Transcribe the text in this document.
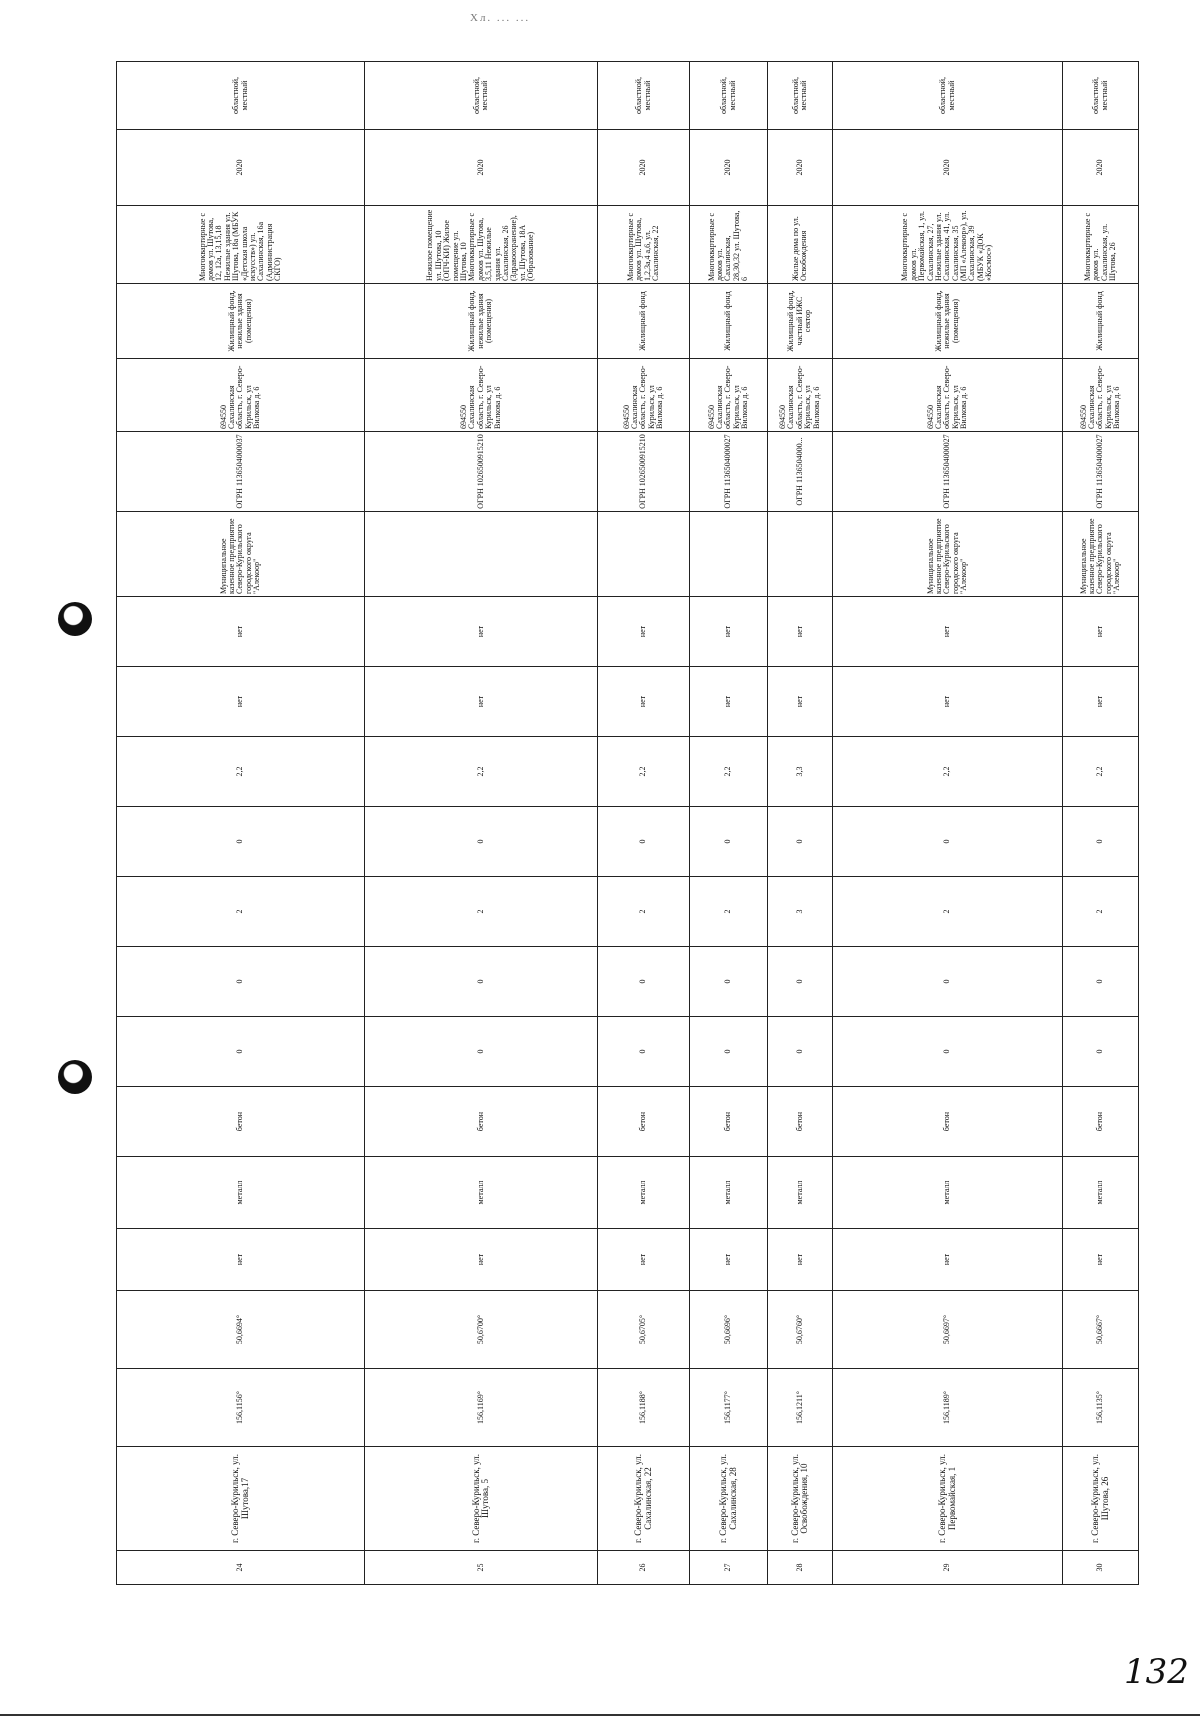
Хл. ... ...
24	г. Северо-Курильск, ул. Шутова,17	156,1156°	50,6694°	нет	металл	бетон	0	0	2	0	2,2	нет	нет	Муниципальное казенное предприятие Северо-Курильского городского округа "Алекоор"	ОГРН 1136504000037	694550 Сахалинская область, г. Северо-Курильск, ул Вилкова д. 6	Жилищный фонд, нежилые здания (помещения)	Многоквартирные с домов ул. Шутова, 12, 12а, 13,15,18 Нежилые здания ул. Шутова, 18а (МБУК «Детская школа искусств») ул. Сахалинская, 16а (Администрация СКГО)	2020	областной, местный
25	г. Северо-Курильск, ул. Шутова, 5	156,1169°	50,6700°	нет	металл	бетон	0	0	2	0	2,2	нет	нет		ОГРН 1026500915210	694550 Сахалинская область, г. Северо-Курильск, ул Вилкова д. 6	Жилищный фонд, нежилые здания (помещения)	Нежилое помещение ул. Шутова, 10 (ОПЧ-КИ) Жилое помещение ул. Шутова, 10 Многоквартирные с домов ул. Шутова, 3,5,11 Нежилые здания ул. Сахалинская, 26 (Здравоохранение), ул. Шутова, 18А (Образование)	2020	областной, местный
26	г. Северо-Курильск, ул. Сахалинская, 22	156,1188°	50,6705°	нет	металл	бетон	0	0	2	0	2,2	нет	нет		ОГРН 1026500915210	694550 Сахалинская область, г. Северо-Курильск, ул Вилкова д. 6	Жилищный фонд	Многоквартирные с домов ул. Шутова, 1,2,3а,4 а,6, ул. Сахалинская, 22	2020	областной, местный
27	г. Северо-Курильск, ул. Сахалинская, 28	156,1177°	50,6696°	нет	металл	бетон	0	0	2	0	2,2	нет	нет		ОГРН 1136504000027	694550 Сахалинская область, г. Северо-Курильск, ул Вилкова д. 6	Жилищный фонд	Многоквартирные с домов ул. Сахалинская, 28,30,32 ул. Шутова, 6	2020	областной, местный
28	г. Северо-Курильск, ул. Освобождения, 10	156,1211°	50,6760°	нет	металл	бетон	0	0	3	0	3,3	нет	нет		ОГРН 1136504000...	694550 Сахалинская область, г. Северо-Курильск, ул Вилкова д. 6	Жилищный фонд, частный ИЖС сектор	Жилые дома по ул. Освобождения	2020	областной, местный
29	г. Северо-Курильск, ул. Первомайская, 1	156,1189°	50,6697°	нет	металл	бетон	0	0	2	0	2,2	нет	нет	Муниципальное казенное предприятие Северо-Курильского городского округа "Алекоор"	ОГРН 1136504000027	694550 Сахалинская область, г. Северо-Курильск, ул Вилкова д. 6	Жилищный фонд, нежилые здания (помещения)	Многоквартирные с домов ул. Первомайская, 1, ул. Сахалинская, 27, Нежилые здания ул. Сахалинская, 41, ул. Сахалинская, 35 (МП «Алекоор»), ул. Сахалинская, 39 (МБУК «ДОК «Космос»)	2020	областной, местный
30	г. Северо-Курильск, ул. Шутова, 26	156,1135°	50,6667°	нет	металл	бетон	0	0	2	0	2,2	нет	нет	Муниципальное казенное предприятие Северо-Курильского городского округа "Алекоор"	ОГРН 1136504000027	694550 Сахалинская область, г. Северо-Курильск, ул Вилкова д. 6	Жилищный фонд	Многоквартирные с домов ул. Сахалинская, ул. Шутова, 26	2020	областной, местный
132
